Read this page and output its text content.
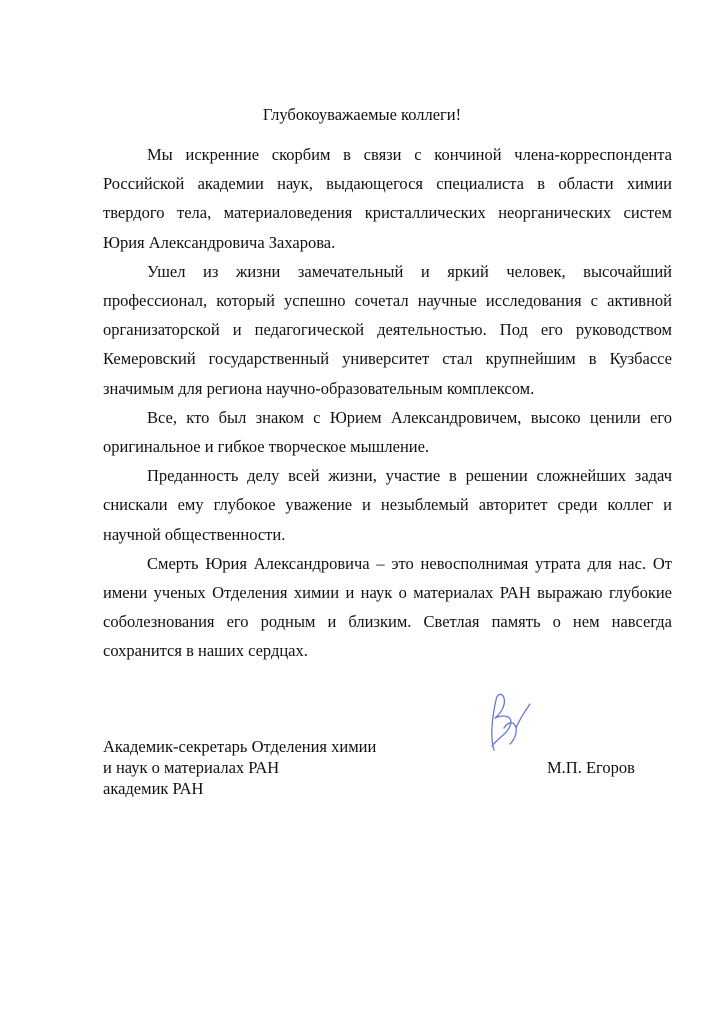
Глубокоуважаемые коллеги!

Мы искренние скорбим в связи с кончиной члена-корреспондента Российской академии наук, выдающегося специалиста в области химии твердого тела, материаловедения кристаллических неорганических систем Юрия Александровича Захарова.

Ушел из жизни замечательный и яркий человек, высочайший профессионал, который успешно сочетал научные исследования с активной организаторской и педагогической деятельностью. Под его руководством Кемеровский государственный университет стал крупнейшим в Кузбассе значимым для региона научно-образовательным комплексом.

Все, кто был знаком с Юрием Александровичем, высоко ценили его оригинальное и гибкое творческое мышление.

Преданность делу всей жизни, участие в решении сложнейших задач снискали ему глубокое уважение и незыблемый авторитет среди коллег и научной общественности.

Смерть Юрия Александровича – это невосполнимая утрата для нас. От имени ученых Отделения химии и наук о материалах РАН выражаю глубокие соболезнования его родным и близким. Светлая память о нем навсегда сохранится в наших сердцах.

Академик-секретарь Отделения химии
и наук о материалах РАН
академик РАН
М.П. Егоров
